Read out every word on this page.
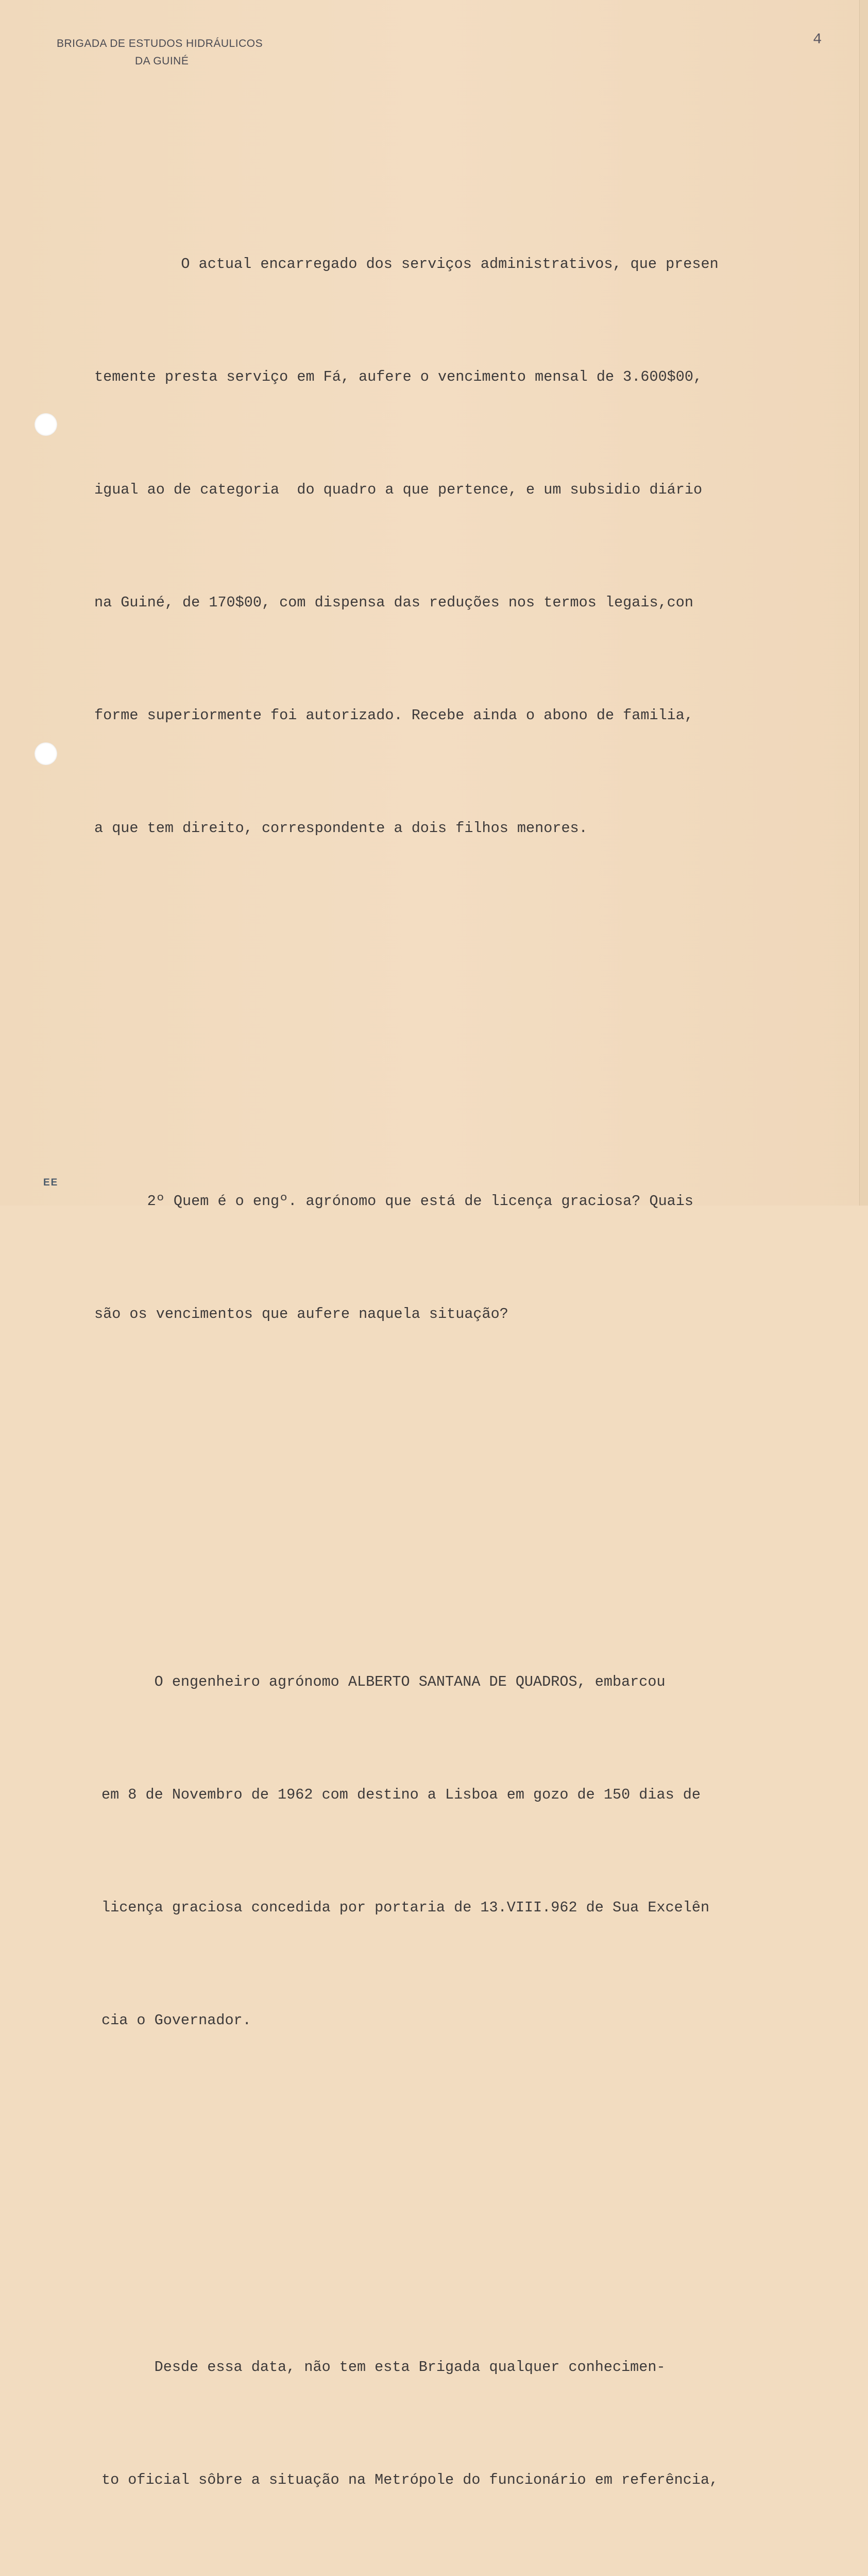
BRIGADA DE ESTUDOS HIDRÁULICOS
DA GUINÉ
4

O actual encarregado dos serviços administrativos, que presen

temente presta serviço em Fá, aufere o vencimento mensal de 3.600$00,

igual ao de categoria  do quadro a que pertence, e um subsidio diário

na Guiné, de 170$00, com dispensa das reduções nos termos legais,con

forme superiormente foi autorizado. Recebe ainda o abono de familia,

a que tem direito, correspondente a dois filhos menores.

2º Quem é o engº. agrónomo que está de licença graciosa? Quais

são os vencimentos que aufere naquela situação?

O engenheiro agrónomo ALBERTO SANTANA DE QUADROS, embarcou

em 8 de Novembro de 1962 com destino a Lisboa em gozo de 150 dias de

licença graciosa concedida por portaria de 13.VIII.962 de Sua Excelên

cia o Governador.

Desde essa data, não tem esta Brigada qualquer conhecimen-

to oficial sôbre a situação na Metrópole do funcionário em referência,

EE
